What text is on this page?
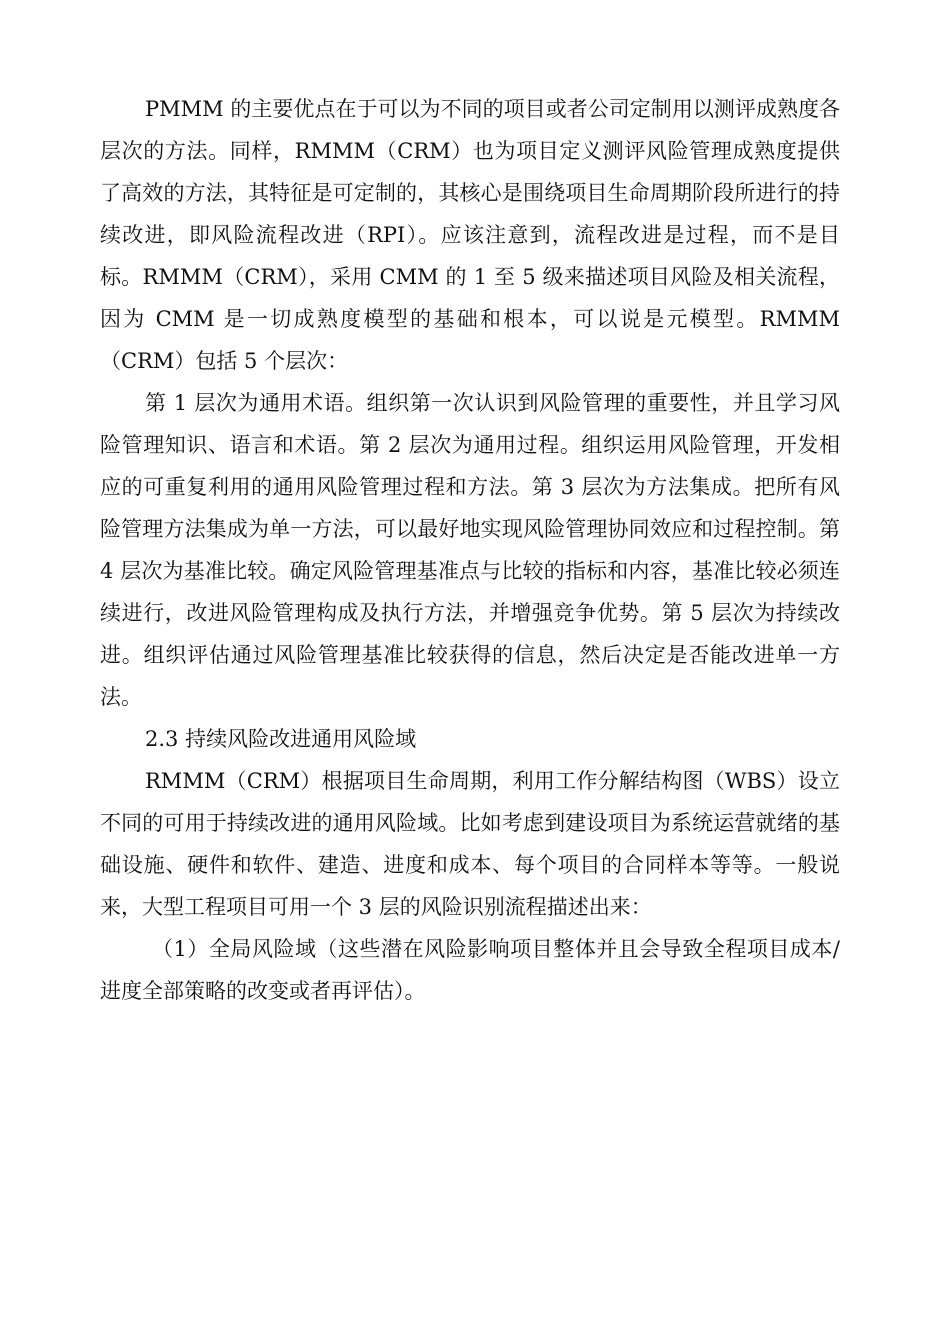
PMMM 的主要优点在于可以为不同的项目或者公司定制用以测评成熟度各层次的方法。同样，RMMM（CRM）也为项目定义测评风险管理成熟度提供了高效的方法，其特征是可定制的，其核心是围绕项目生命周期阶段所进行的持续改进，即风险流程改进（RPI）。应该注意到，流程改进是过程，而不是目标。RMMM（CRM），采用 CMM 的 1 至 5 级来描述项目风险及相关流程，因为 CMM 是一切成熟度模型的基础和根本，可以说是元模型。RMMM（CRM）包括 5 个层次：

第 1 层次为通用术语。组织第一次认识到风险管理的重要性，并且学习风险管理知识、语言和术语。第 2 层次为通用过程。组织运用风险管理，开发相应的可重复利用的通用风险管理过程和方法。第 3 层次为方法集成。把所有风险管理方法集成为单一方法，可以最好地实现风险管理协同效应和过程控制。第 4 层次为基准比较。确定风险管理基准点与比较的指标和内容，基准比较必须连续进行，改进风险管理构成及执行方法，并增强竞争优势。第 5 层次为持续改进。组织评估通过风险管理基准比较获得的信息，然后决定是否能改进单一方法。

2.3 持续风险改进通用风险域

RMMM（CRM）根据项目生命周期，利用工作分解结构图（WBS）设立不同的可用于持续改进的通用风险域。比如考虑到建设项目为系统运营就绪的基础设施、硬件和软件、建造、进度和成本、每个项目的合同样本等等。一般说来，大型工程项目可用一个 3 层的风险识别流程描述出来：

（1）全局风险域（这些潜在风险影响项目整体并且会导致全程项目成本/进度全部策略的改变或者再评估）。
